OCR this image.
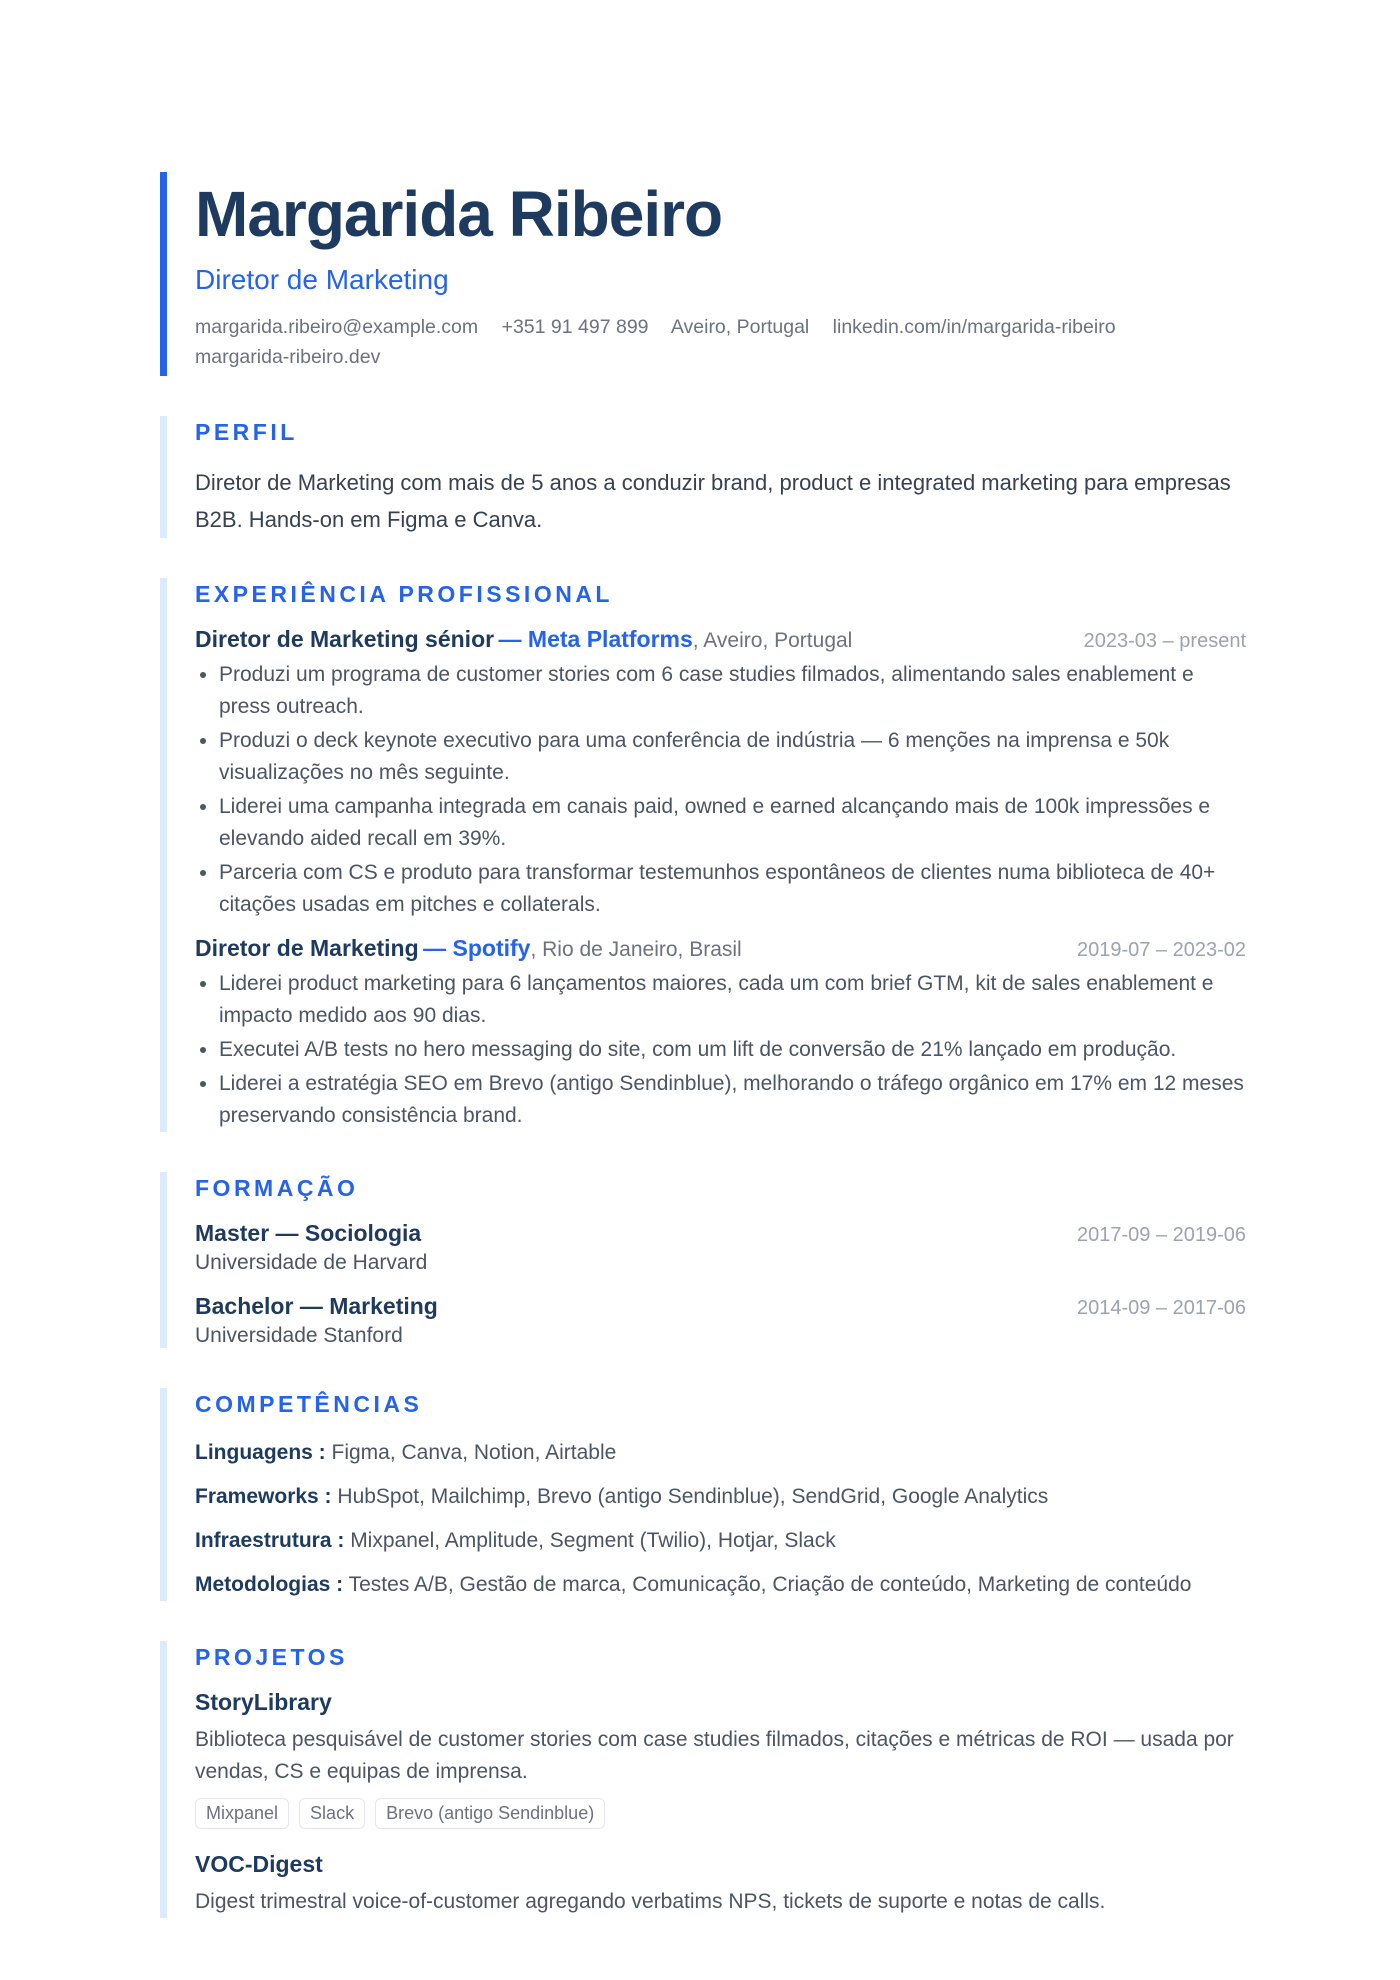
Margarida Ribeiro
Diretor de Marketing
margarida.ribeiro@example.com +351 91 497 899 Aveiro, Portugal linkedin.com/in/margarida-ribeiro margarida-ribeiro.dev
PERFIL
Diretor de Marketing com mais de 5 anos a conduzir brand, product e integrated marketing para empresas B2B. Hands-on em Figma e Canva.
EXPERIÊNCIA PROFISSIONAL
Diretor de Marketing sénior — Meta Platforms, Aveiro, Portugal	2023-03 – present
• Produzi um programa de customer stories com 6 case studies filmados, alimentando sales enablement e press outreach.
• Produzi o deck keynote executivo para uma conferência de indústria — 6 menções na imprensa e 50k visualizações no mês seguinte.
• Liderei uma campanha integrada em canais paid, owned e earned alcançando mais de 100k impressões e elevando aided recall em 39%.
• Parceria com CS e produto para transformar testemunhos espontâneos de clientes numa biblioteca de 40+ citações usadas em pitches e collaterals.
Diretor de Marketing — Spotify, Rio de Janeiro, Brasil	2019-07 – 2023-02
• Liderei product marketing para 6 lançamentos maiores, cada um com brief GTM, kit de sales enablement e impacto medido aos 90 dias.
• Executei A/B tests no hero messaging do site, com um lift de conversão de 21% lançado em produção.
• Liderei a estratégia SEO em Brevo (antigo Sendinblue), melhorando o tráfego orgânico em 17% em 12 meses preservando consistência brand.
FORMAÇÃO
Master — Sociologia	2017-09 – 2019-06
Universidade de Harvard
Bachelor — Marketing	2014-09 – 2017-06
Universidade Stanford
COMPETÊNCIAS
Linguagens : Figma, Canva, Notion, Airtable
Frameworks : HubSpot, Mailchimp, Brevo (antigo Sendinblue), SendGrid, Google Analytics
Infraestrutura : Mixpanel, Amplitude, Segment (Twilio), Hotjar, Slack
Metodologias : Testes A/B, Gestão de marca, Comunicação, Criação de conteúdo, Marketing de conteúdo
PROJETOS
StoryLibrary
Biblioteca pesquisável de customer stories com case studies filmados, citações e métricas de ROI — usada por vendas, CS e equipas de imprensa.
Mixpanel	Slack	Brevo (antigo Sendinblue)
VOC-Digest
Digest trimestral voice-of-customer agregando verbatims NPS, tickets de suporte e notas de calls.
